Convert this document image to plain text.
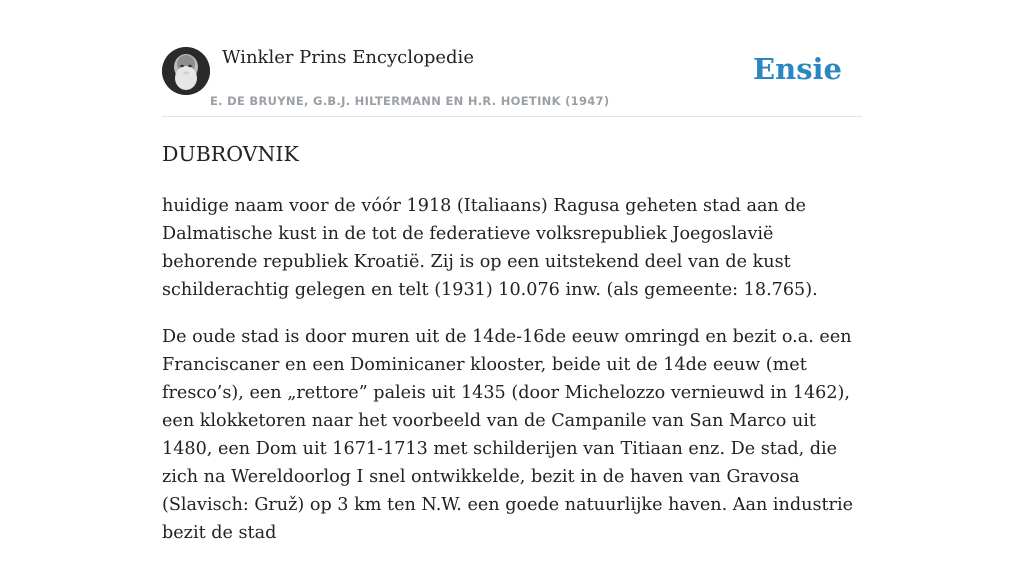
Winkler Prins Encyclopedie
E. DE BRUYNE, G.B.J. HILTERMANN EN H.R. HOETINK (1947)
Ensie
DUBROVNIK

huidige naam voor de vóór 1918 (Italiaans) Ragusa geheten stad aan de Dalmatische kust in de tot de federatieve volksrepubliek Joegoslavië behorende republiek Kroatië. Zij is op een uitstekend deel van de kust schilderachtig gelegen en telt (1931) 10.076 inw. (als gemeente: 18.765).

De oude stad is door muren uit de 14de-16de eeuw omringd en bezit o.a. een Franciscaner en een Dominicaner klooster, beide uit de 14de eeuw (met fresco’s), een „rettore” paleis uit 1435 (door Michelozzo vernieuwd in 1462), een klokketoren naar het voorbeeld van de Campanile van San Marco uit 1480, een Dom uit 1671-1713 met schilderijen van Titiaan enz. De stad, die zich na Wereldoorlog I snel ontwikkelde, bezit in de haven van Gravosa (Slavisch: Gruž) op 3 km ten N.W. een goede natuurlijke haven. Aan industrie bezit de stad
